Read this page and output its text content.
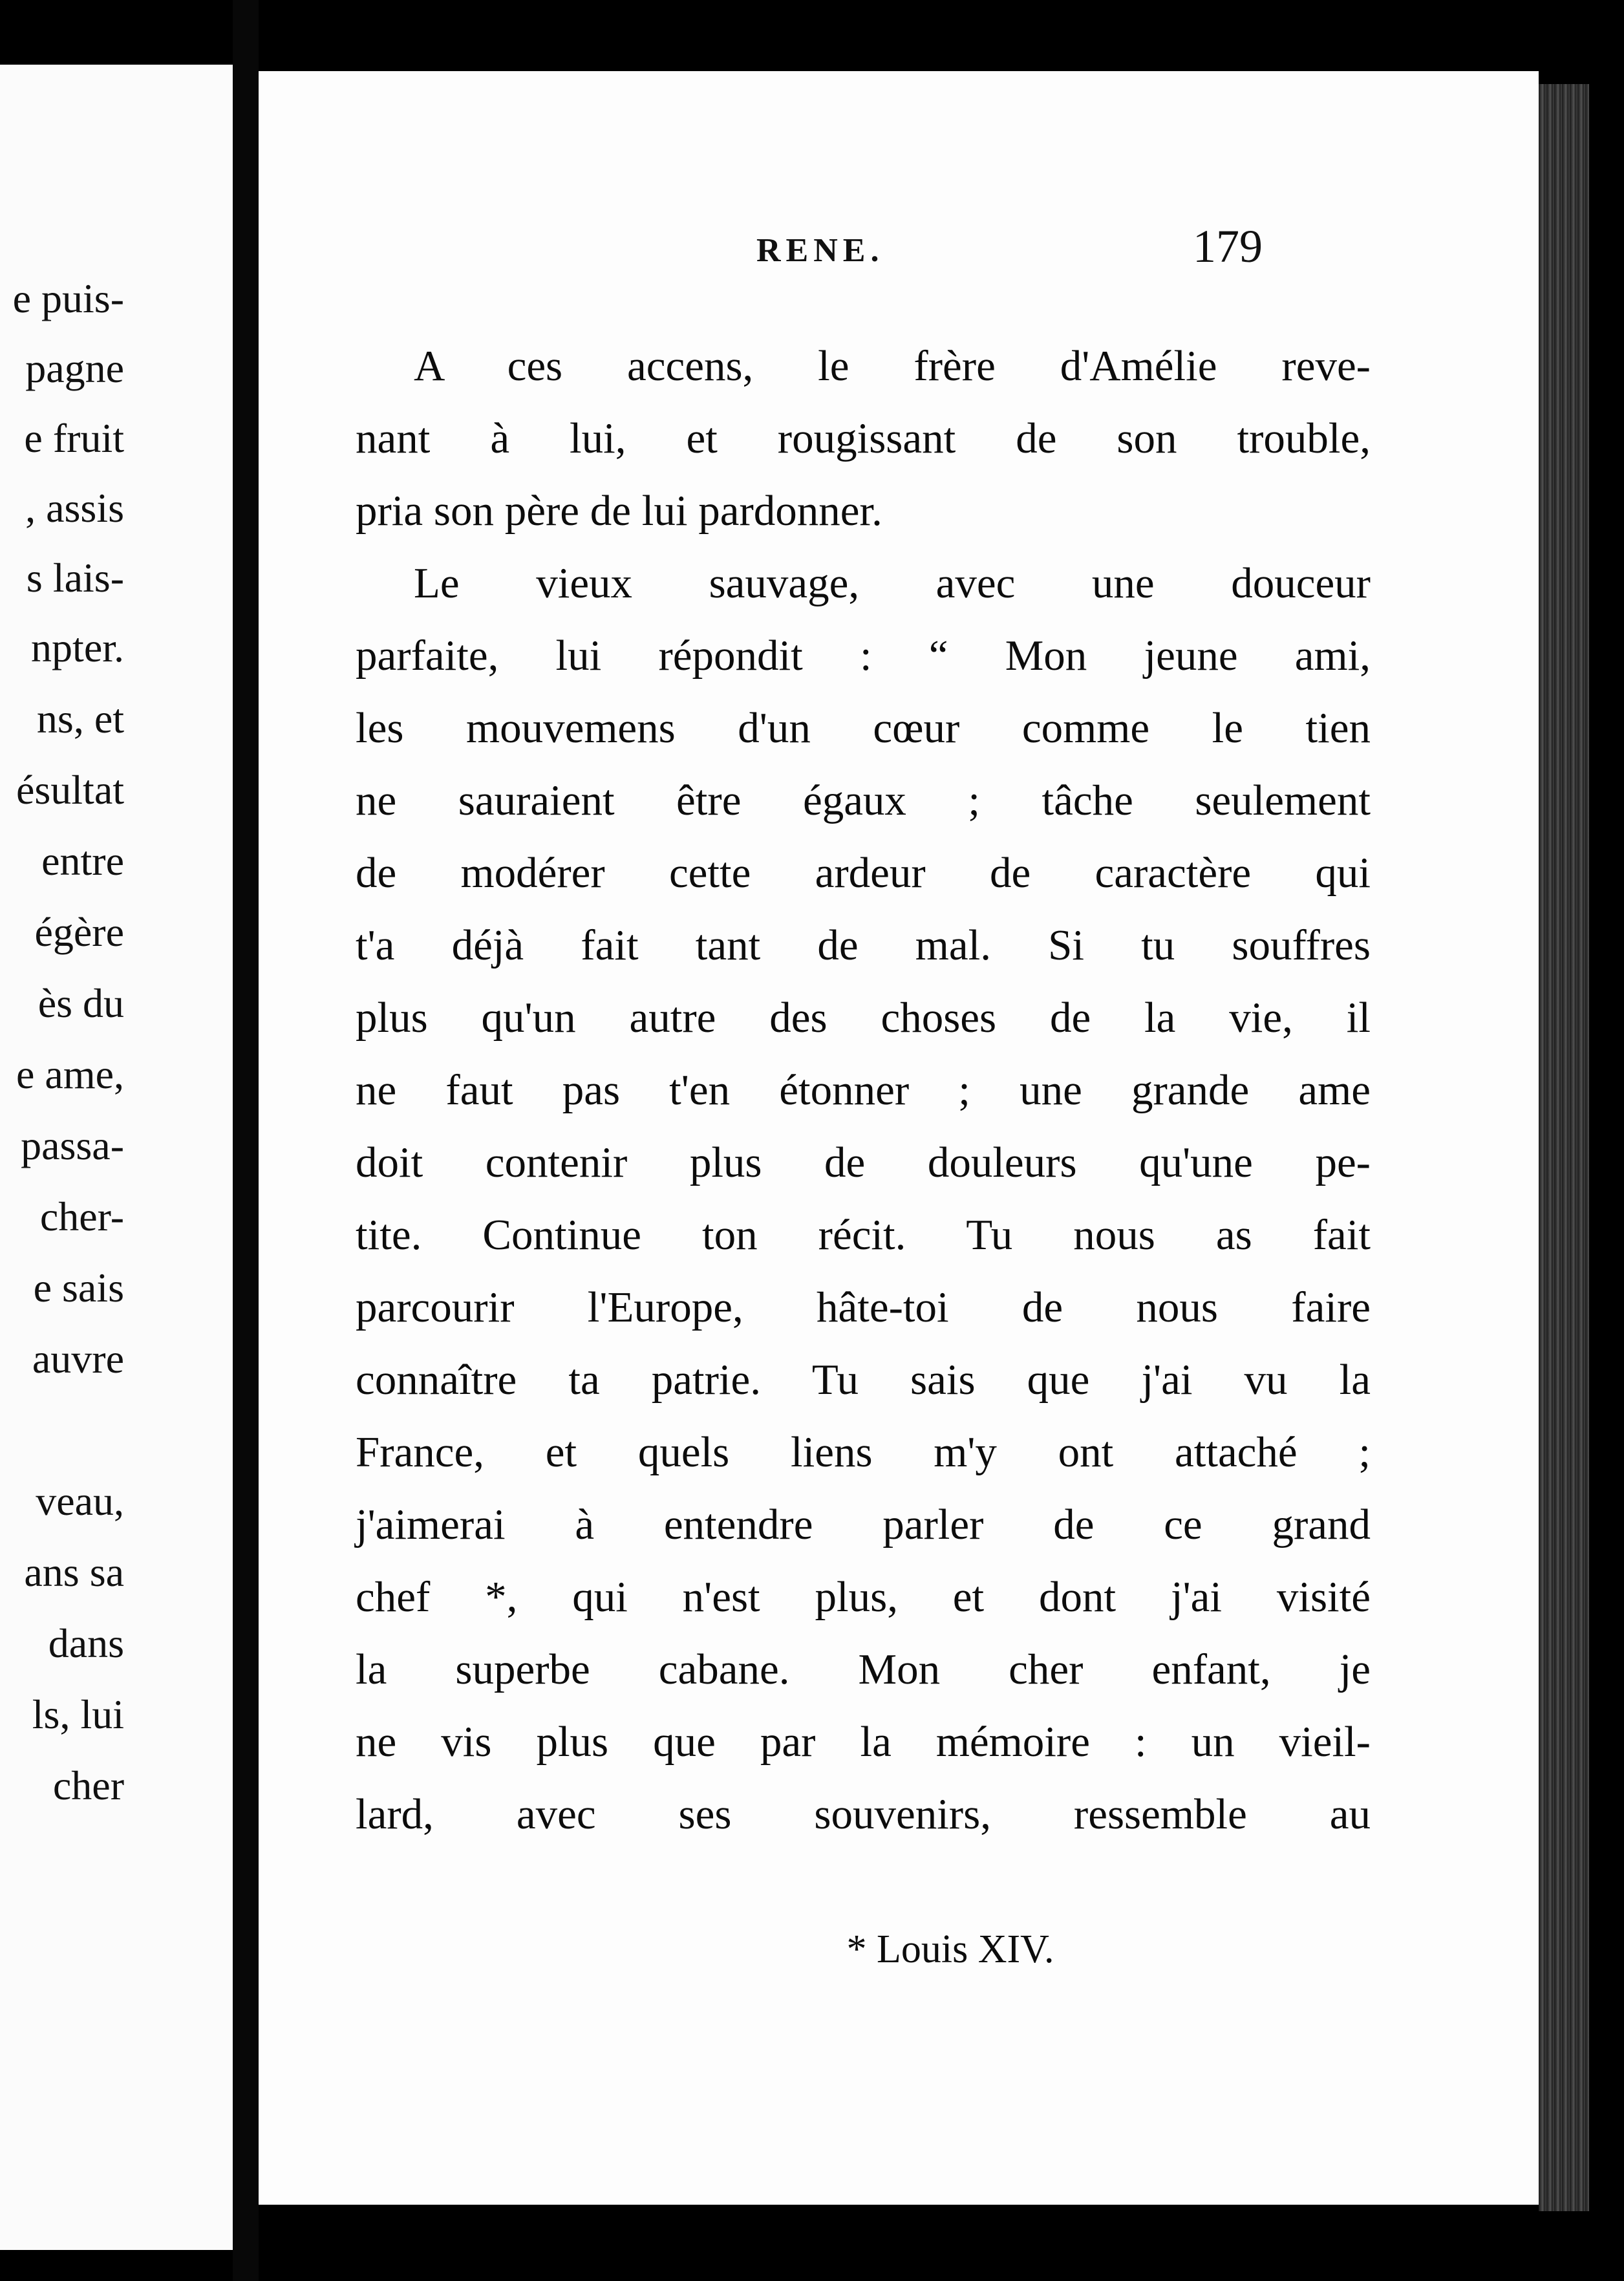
e puis-
pagne
e fruit
, assis
s lais-
npter.
ns, et
ésultat
entre
égère
ès du
e ame,
passa-
cher-
e sais
auvre
veau,
ans sa
dans
ls, lui
cher
RENE.	179
A ces accens, le frère d'Amélie reve-
nant à lui, et rougissant de son trouble,
pria son père de lui pardonner.
Le vieux sauvage, avec une douceur
parfaite, lui répondit : “ Mon jeune ami,
les mouvemens d'un cœur comme le tien
ne sauraient être égaux ; tâche seulement
de modérer cette ardeur de caractère qui
t'a déjà fait tant de mal. Si tu souffres
plus qu'un autre des choses de la vie, il
ne faut pas t'en étonner ; une grande ame
doit contenir plus de douleurs qu'une pe-
tite. Continue ton récit. Tu nous as fait
parcourir l'Europe, hâte-toi de nous faire
connaître ta patrie. Tu sais que j'ai vu la
France, et quels liens m'y ont attaché ;
j'aimerai à entendre parler de ce grand
chef *, qui n'est plus, et dont j'ai visité
la superbe cabane. Mon cher enfant, je
ne vis plus que par la mémoire : un vieil-
lard, avec ses souvenirs, ressemble au
* Louis XIV.
